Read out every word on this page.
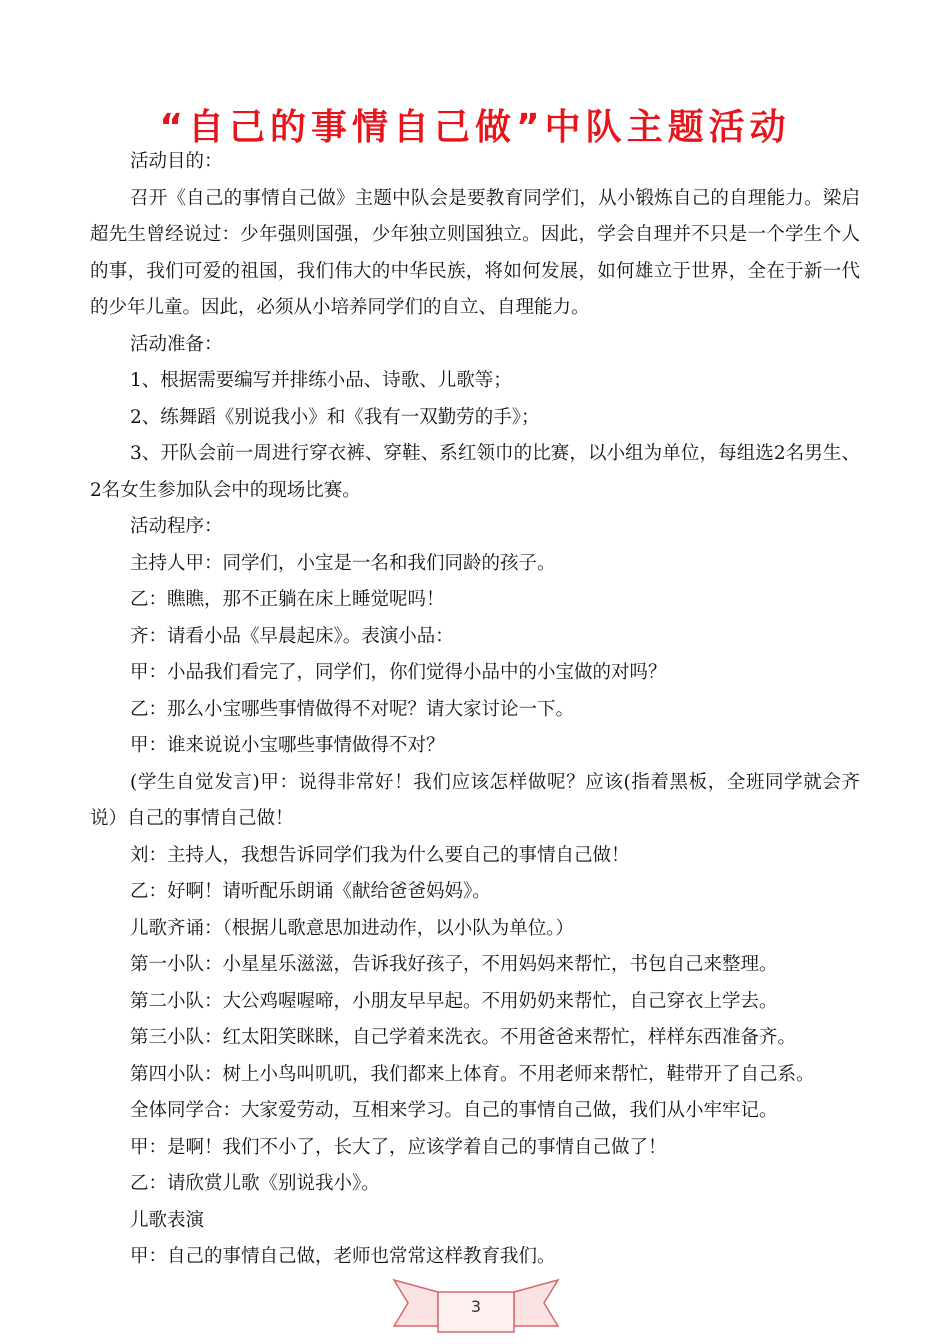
“自己的事情自己做”中队主题活动

活动目的：

召开《自己的事情自己做》主题中队会是要教育同学们，从小锻炼自己的自理能力。梁启超先生曾经说过：少年强则国强，少年独立则国独立。因此，学会自理并不只是一个学生个人的事，我们可爱的祖国，我们伟大的中华民族，将如何发展，如何雄立于世界，全在于新一代的少年儿童。因此，必须从小培养同学们的自立、自理能力。

活动准备：

1、根据需要编写并排练小品、诗歌、儿歌等；

2、练舞蹈《别说我小》和《我有一双勤劳的手》；

3、开队会前一周进行穿衣裤、穿鞋、系红领巾的比赛，以小组为单位，每组选2名男生、2名女生参加队会中的现场比赛。

活动程序：

主持人甲：同学们，小宝是一名和我们同龄的孩子。

乙：瞧瞧，那不正躺在床上睡觉呢吗！

齐：请看小品《早晨起床》。表演小品：

甲：小品我们看完了，同学们，你们觉得小品中的小宝做的对吗？

乙：那么小宝哪些事情做得不对呢？请大家讨论一下。

甲：谁来说说小宝哪些事情做得不对？

(学生自觉发言)甲：说得非常好！我们应该怎样做呢？应该(指着黑板，全班同学就会齐说）自己的事情自己做！

刘：主持人，我想告诉同学们我为什么要自己的事情自己做！

乙：好啊！请听配乐朗诵《献给爸爸妈妈》。

儿歌齐诵：（根据儿歌意思加进动作，以小队为单位。）

第一小队：小星星乐滋滋，告诉我好孩子，不用妈妈来帮忙，书包自己来整理。

第二小队：大公鸡喔喔啼，小朋友早早起。不用奶奶来帮忙，自己穿衣上学去。

第三小队：红太阳笑眯眯，自己学着来洗衣。不用爸爸来帮忙，样样东西准备齐。

第四小队：树上小鸟叫叽叽，我们都来上体育。不用老师来帮忙，鞋带开了自己系。

全体同学合：大家爱劳动，互相来学习。自己的事情自己做，我们从小牢牢记。

甲：是啊！我们不小了，长大了，应该学着自己的事情自己做了！

乙：请欣赏儿歌《别说我小》。

儿歌表演

甲：自己的事情自己做，老师也常常这样教育我们。

3
